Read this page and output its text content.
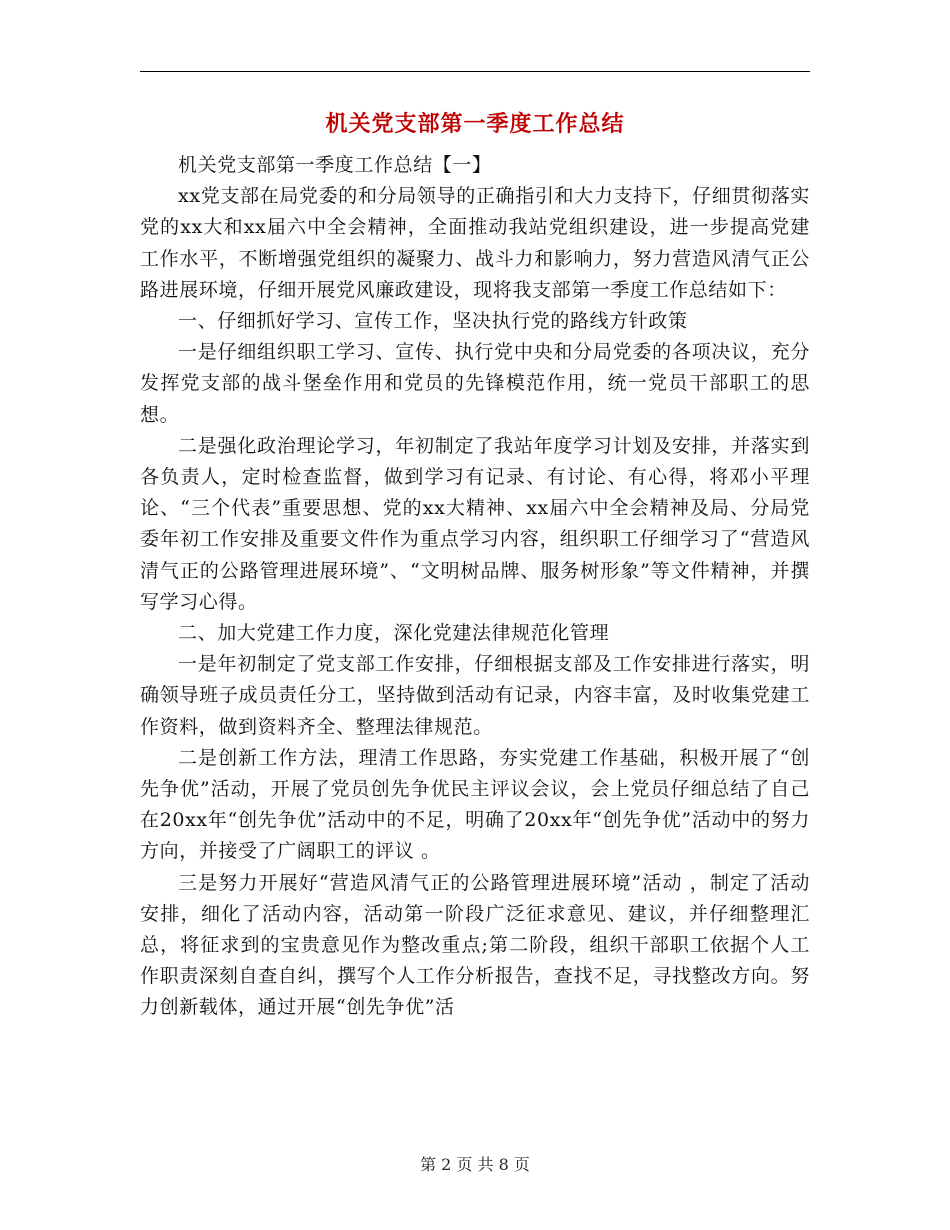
机关党支部第一季度工作总结

机关党支部第一季度工作总结【一】

xx党支部在局党委的和分局领导的正确指引和大力支持下，仔细贯彻落实党的xx大和xx届六中全会精神，全面推动我站党组织建设，进一步提高党建工作水平，不断增强党组织的凝聚力、战斗力和影响力，努力营造风清气正公路进展环境，仔细开展党风廉政建设，现将我支部第一季度工作总结如下：

一、仔细抓好学习、宣传工作，坚决执行党的路线方针政策

一是仔细组织职工学习、宣传、执行党中央和分局党委的各项决议，充分发挥党支部的战斗堡垒作用和党员的先锋模范作用，统一党员干部职工的思想。

二是强化政治理论学习，年初制定了我站年度学习计划及安排，并落实到各负责人，定时检查监督，做到学习有记录、有讨论、有心得，将邓小平理论、“三个代表”重要思想、党的xx大精神、xx届六中全会精神及局、分局党委年初工作安排及重要文件作为重点学习内容，组织职工仔细学习了“营造风清气正的公路管理进展环境”、“文明树品牌、服务树形象”等文件精神，并撰写学习心得。

二、加大党建工作力度，深化党建法律规范化管理

一是年初制定了党支部工作安排，仔细根据支部及工作安排进行落实，明确领导班子成员责任分工，坚持做到活动有记录，内容丰富，及时收集党建工作资料，做到资料齐全、整理法律规范。

二是创新工作方法，理清工作思路，夯实党建工作基础，积极开展了“创先争优”活动，开展了党员创先争优民主评议会议，会上党员仔细总结了自己在20xx年“创先争优”活动中的不足，明确了20xx年“创先争优”活动中的努力方向，并接受了广阔职工的评议 。

三是努力开展好“营造风清气正的公路管理进展环境”活动 ，制定了活动安排，细化了活动内容，活动第一阶段广泛征求意见、建议，并仔细整理汇总，将征求到的宝贵意见作为整改重点;第二阶段，组织干部职工依据个人工作职责深刻自查自纠，撰写个人工作分析报告，查找不足，寻找整改方向。努力创新载体，通过开展“创先争优”活

第 2 页 共 8 页
